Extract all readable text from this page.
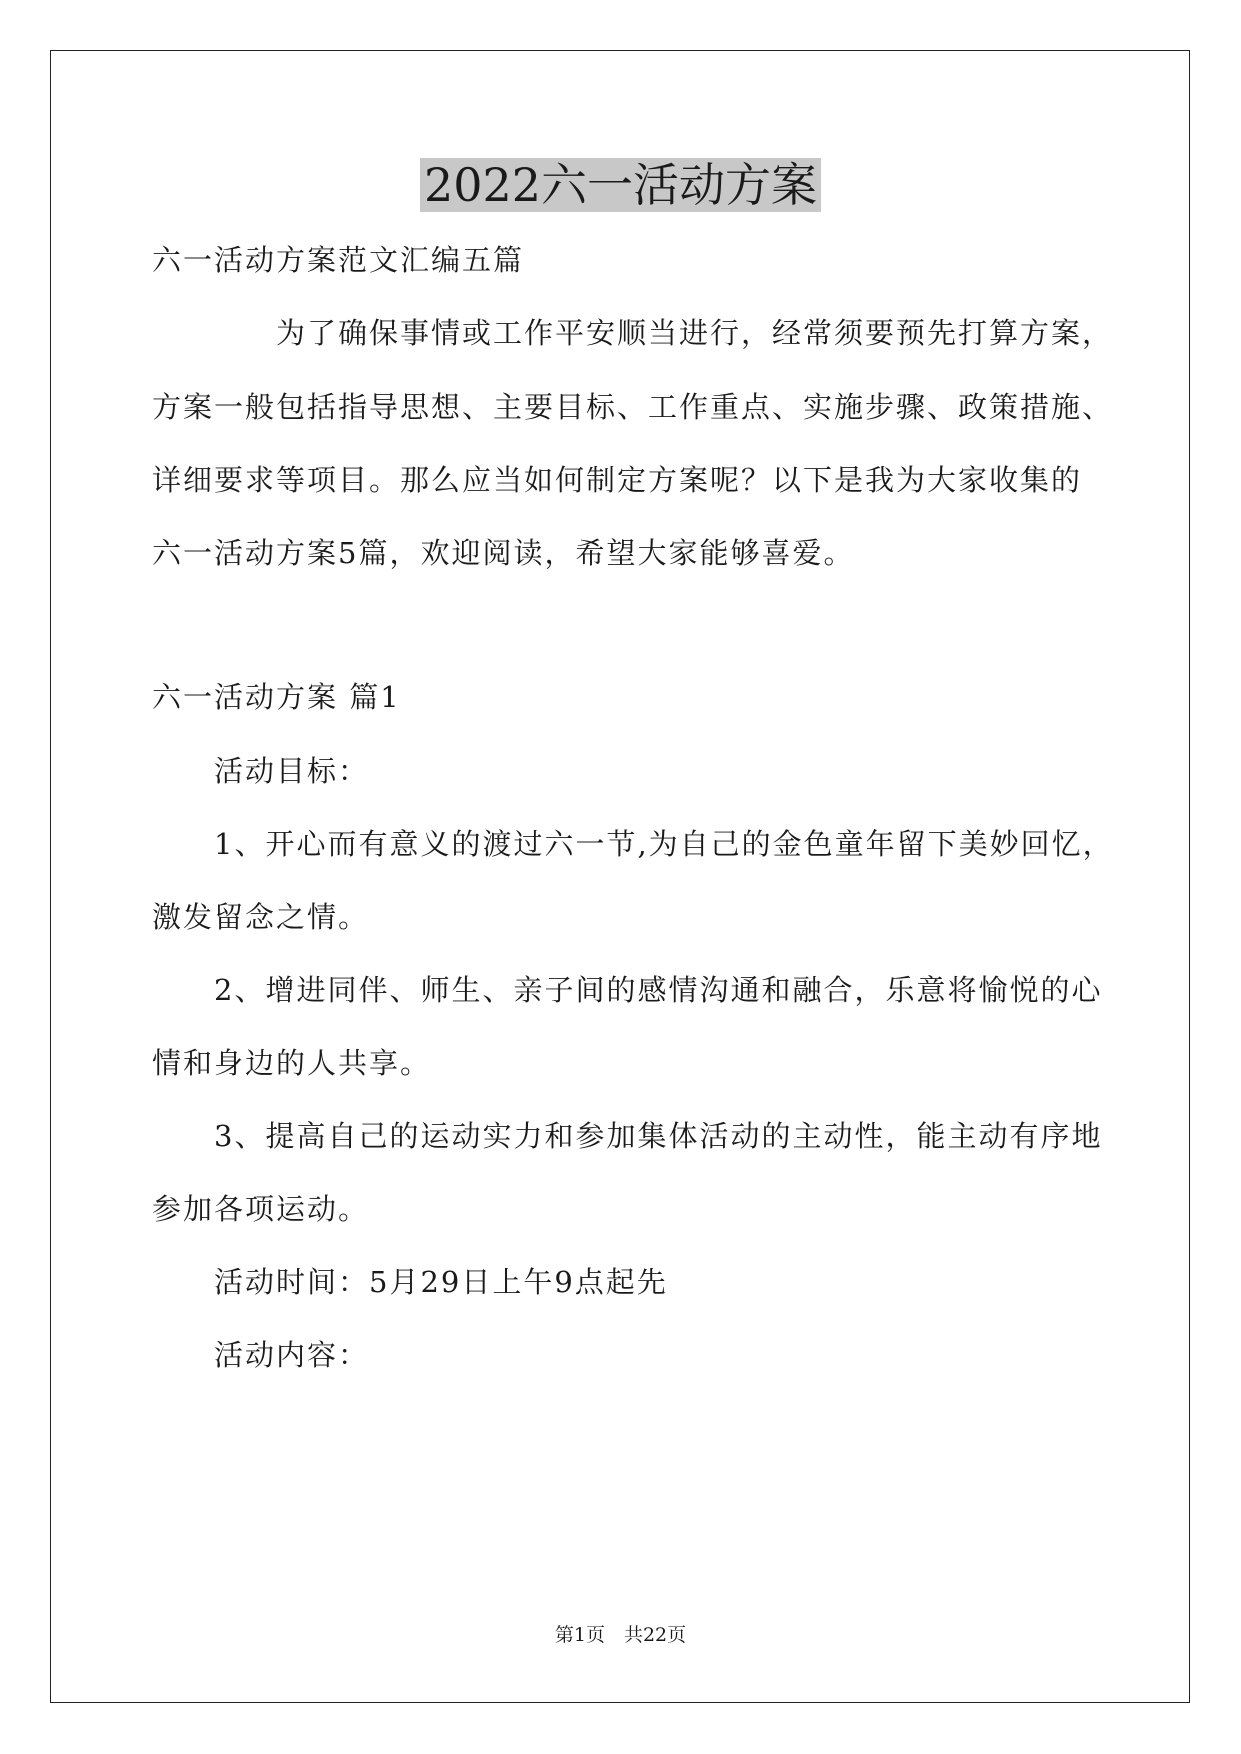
2022六一活动方案
六一活动方案范文汇编五篇
为了确保事情或工作平安顺当进行，经常须要预先打算方案，
方案一般包括指导思想、主要目标、工作重点、实施步骤、政策措施、
详细要求等项目。那么应当如何制定方案呢？以下是我为大家收集的
六一活动方案5篇，欢迎阅读，希望大家能够喜爱。
六一活动方案 篇1
活动目标：
1、开心而有意义的渡过六一节,为自己的金色童年留下美妙回忆，
激发留念之情。
2、增进同伴、师生、亲子间的感情沟通和融合，乐意将愉悦的心
情和身边的人共享。
3、提高自己的运动实力和参加集体活动的主动性，能主动有序地
参加各项运动。
活动时间：5月29日上午9点起先
活动内容：
第1页　共22页
